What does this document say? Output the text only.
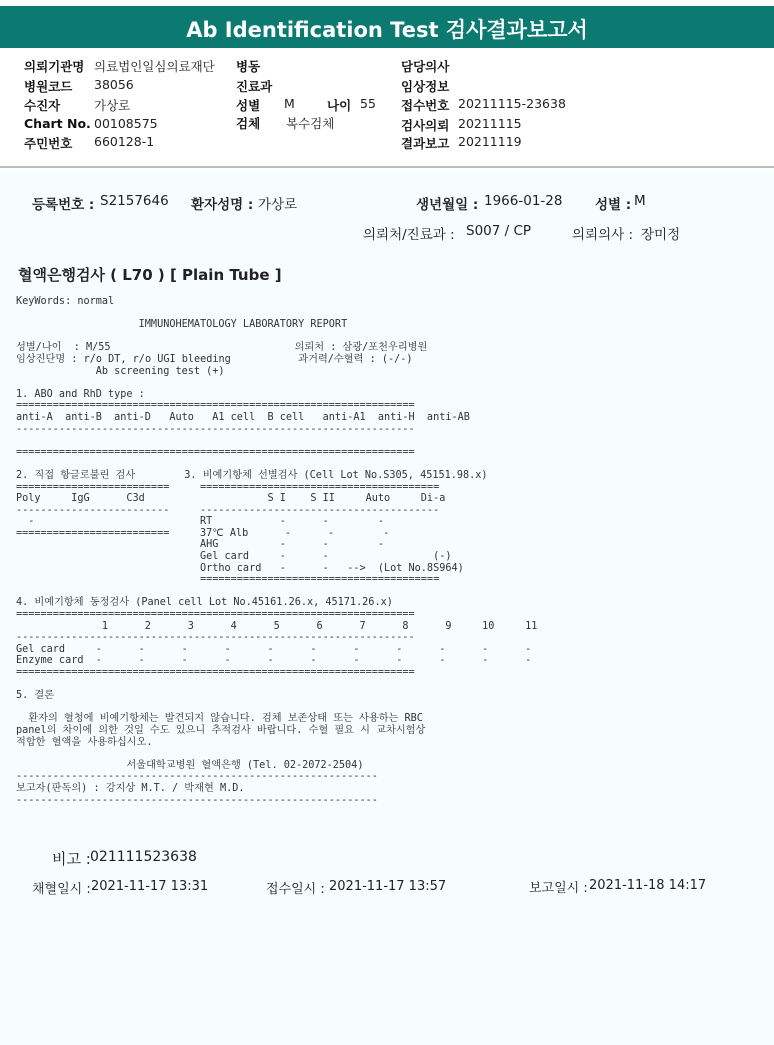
Ab Identification Test 검사결과보고서
의뢰기관명 의료법인일심의료재단
병원코드 38056
수진자	가상로
Chart No. 00108575
주민번호 660128-1
병동
진료과
성별 M	나이 55
검체 복수검체
담당의사
임상정보
접수번호 20211115-23638
검사의뢰 20211115
결과보고 20211119
등록번호 : S2157646 환자성명 : 가상로	생년월일 : 1966-01-28 성별 : M
의뢰처/진료과 : S007 / CP	의뢰의사 : 장미정
혈액은행검사 ( L70 ) [ Plain Tube ]
KeyWords: normal
IMMUNOHEMATOLOGY LABORATORY REPORT
성별/나이  : M/55                              의뢰처 : 삼광/포천우리병원
임상진단명 : r/o DT, r/o UGI bleeding           과거력/수혈력 : (-/-)
Ab screening test (+)
1. ABO and RhD type :
=================================================================
anti-A  anti-B  anti-D   Auto   A1 cell  B cell   anti-A1  anti-H  anti-AB
-----------------------------------------------------------------
=================================================================
2. 직접 항글로불린 검사        3. 비예기항체 선별검사 (Cell Lot No.S305, 45151.98.x)
=========================     =======================================
Poly     IgG      C3d                    S I    S II     Auto     Di-a
-------------------------     ---------------------------------------
-                           RT           -      -        -
=========================     37℃ Alb      -      -        -
AHG          -      -        -
Gel card     -      -                 (-)
Ortho card   -      -   -->  (Lot No.8S964)
=======================================
4. 비예기항체 동정검사 (Panel cell Lot No.45161.26.x, 45171.26.x)
=================================================================
1      2      3      4      5      6      7      8      9     10     11
-----------------------------------------------------------------
Gel card     -      -      -      -      -      -      -      -      -      -      -
Enzyme card  -      -      -      -      -      -      -      -      -      -      -
=================================================================
5. 결론
환자의 혈청에 비예기항체는 발견되지 않습니다. 검체 보존상태 또는 사용하는 RBC
panel의 차이에 의한 것일 수도 있으니 추적검사 바랍니다. 수혈 필요 시 교차시험상
적합한 혈액을 사용하십시오.
서울대학교병원 혈액은행 (Tel. 02-2072-2504)
-----------------------------------------------------------
보고자(판독의) : 강지상 M.T. / 박재현 M.D.
-----------------------------------------------------------
비고 : 021111523638
채혈일시 : 2021-11-17 13:31	접수일시 : 2021-11-17 13:57	보고일시 : 2021-11-18 14:17
